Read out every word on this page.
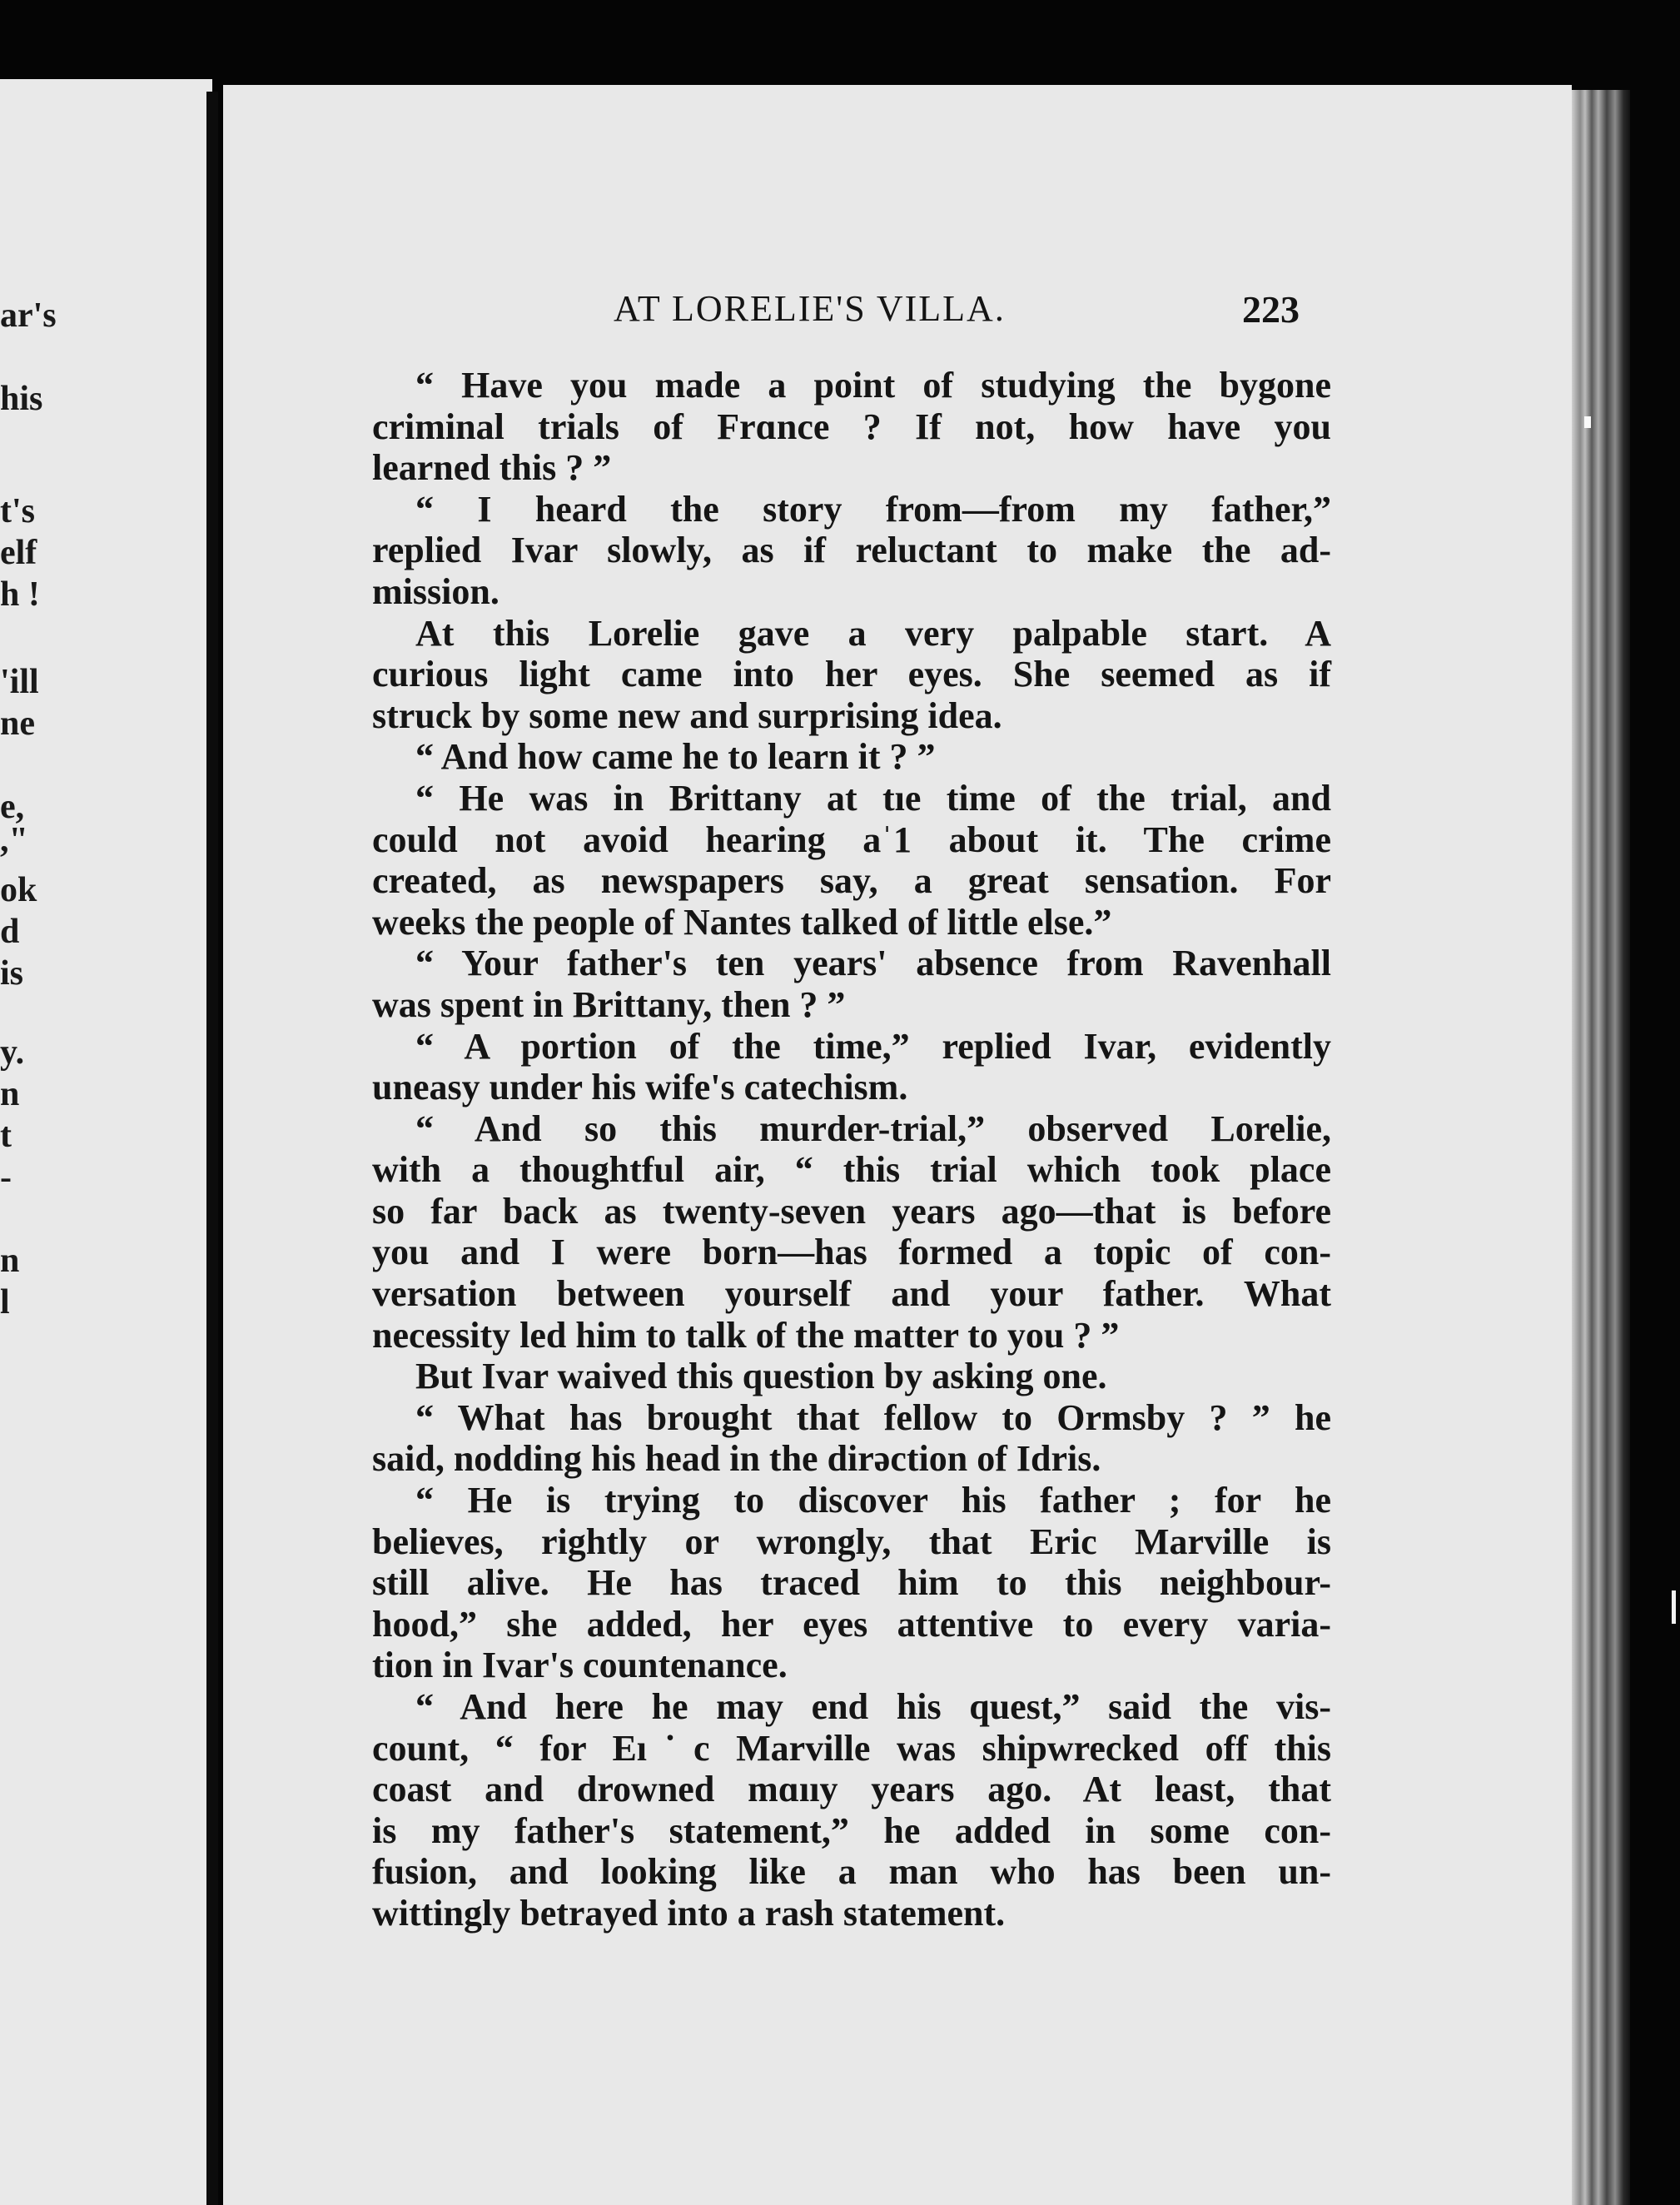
ar's
his
t's
elf
h !
'ill
ne
e,
,"
ok
d
is
y.
n
t
-
n
l
AT LORELIE'S VILLA.	223
“ Have you made a point of studying the bygone
criminal trials of Frɑnce ? If not, how have you
learned this ? ”
“ I heard the story from—from my father,”
replied Ivar slowly, as if reluctant to make the ad-
mission.
At this Lorelie gave a very palpable start. A
curious light came into her eyes. She seemed as if
struck by some new and surprising idea.
“ And how came he to learn it ? ”
“ He was in Brittany at tıe time of the trial, and
could not avoid hearing aˈ1 about it. The crime
created, as newspapers say, a great sensation. For
weeks the people of Nantes talked of little else.”
“ Your father's ten years' absence from Ravenhall
was spent in Brittany, then ? ”
“ A portion of the time,” replied Ivar, evidently
uneasy under his wife's catechism.
“ And so this murder-trial,” observed Lorelie,
with a thoughtful air, “ this trial which took place
so far back as twenty-seven years ago—that is before
you and I were born—has formed a topic of con-
versation between yourself and your father. What
necessity led him to talk of the matter to you ? ”
But Ivar waived this question by asking one.
“ What has brought that fellow to Ormsby ? ” he
said, nodding his head in the dirəction of Idris.
“ He is trying to discover his father ; for he
believes, rightly or wrongly, that Eric Marville is
still alive. He has traced him to this neighbour-
hood,” she added, her eyes attentive to every varia-
tion in Ivar's countenance.
“ And here he may end his quest,” said the vis-
count, “ for Eı˙c Marville was shipwrecked off this
coast and drowned mɑııy years ago. At least, that
is my father's statement,” he added in some con-
fusion, and looking like a man who has been un-
wittingly betrayed into a rash statement.
